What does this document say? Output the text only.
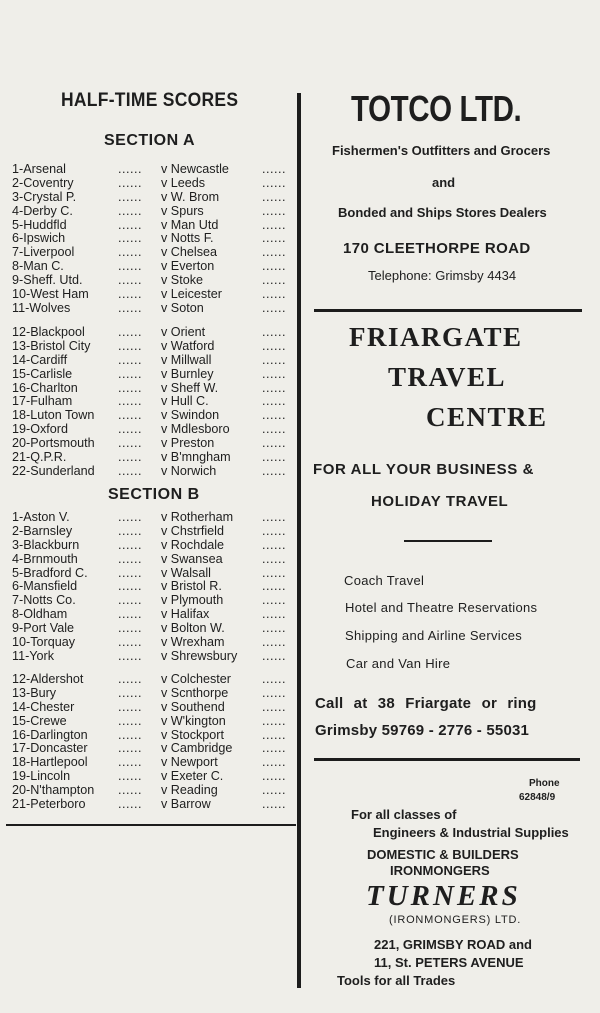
HALF-TIME SCORES
SECTION A
1-Arsenal	...... v Newcastle	......
2-Coventry	...... v Leeds	......
3-Crystal P.	...... v W. Brom	......
4-Derby C.	...... v Spurs	......
5-Huddfld	...... v Man Utd	......
6-Ipswich	...... v Notts F.	......
7-Liverpool	...... v Chelsea	......
8-Man C.	...... v Everton	......
9-Sheff. Utd.	...... v Stoke	......
10-West Ham ...... v Leicester	......
11-Wolves	...... v Soton	......
12-Blackpool	...... v Orient	......
13-Bristol City ...... v Watford	......
14-Cardiff	...... v Millwall	......
15-Carlisle	...... v Burnley	......
16-Charlton	...... v Sheff W.	......
17-Fulham	...... v Hull C.	......
18-Luton Town ...... v Swindon	......
19-Oxford	...... v Mdlesboro	......
20-Portsmouth ...... v Preston	......
21-Q.P.R.	...... v B'mngham ......
22-Sunderland ...... v Norwich	......
SECTION B
1-Aston V.	...... v Rotherham ......
2-Barnsley	...... v Chstrfield	......
3-Blackburn	...... v Rochdale	......
4-Brnmouth	...... v Swansea	......
5-Bradford C. ...... v Walsall	......
6-Mansfield	...... v Bristol R.	......
7-Notts Co.	...... v Plymouth	......
8-Oldham	...... v Halifax	......
9-Port Vale	...... v Bolton W.	......
10-Torquay	...... v Wrexham	......
11-York	...... v Shrewsbury ......
12-Aldershot	...... v Colchester ......
13-Bury	...... v Scnthorpe	......
14-Chester	...... v Southend	......
15-Crewe	...... v W'kington	......
16-Darlington ...... v Stockport	......
17-Doncaster ...... v Cambridge ......
18-Hartlepool ...... v Newport	......
19-Lincoln	...... v Exeter C.	......
20-N'thampton ...... v Reading	......
21-Peterboro	...... v Barrow	......
TOTCO LTD.
Fishermen's Outfitters and Grocers
and
Bonded and Ships Stores Dealers
170 CLEETHORPE ROAD
Telephone: Grimsby 4434
FRIARGATE
TRAVEL
CENTRE
FOR ALL YOUR BUSINESS &
HOLIDAY TRAVEL
Coach Travel
Hotel and Theatre Reservations
Shipping and Airline Services
Car and Van Hire
Call at 38 Friargate or ring
Grimsby 59769 - 2776 - 55031
Phone
62848/9
For all classes of
Engineers & Industrial Supplies
DOMESTIC & BUILDERS
IRONMONGERS
TURNERS
(IRONMONGERS) LTD.
221, GRIMSBY ROAD and
11, St. PETERS AVENUE
Tools for all Trades
